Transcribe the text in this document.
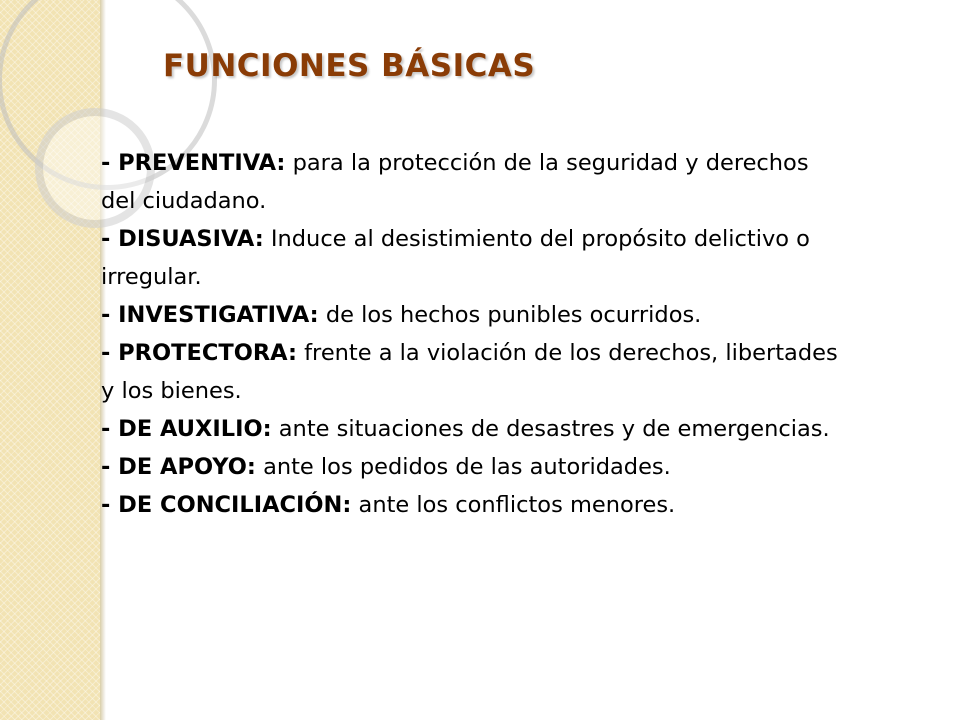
FUNCIONES BÁSICAS

- PREVENTIVA: para la protección de la seguridad y derechos del ciudadano.

- DISUASIVA: Induce al desistimiento del propósito delictivo o irregular.

- INVESTIGATIVA: de los hechos punibles ocurridos.

- PROTECTORA: frente a la violación de los derechos, libertades y los bienes.

- DE AUXILIO: ante situaciones de desastres y de emergencias.

- DE APOYO: ante los pedidos de las autoridades.

- DE CONCILIACIÓN: ante los conflictos menores.
